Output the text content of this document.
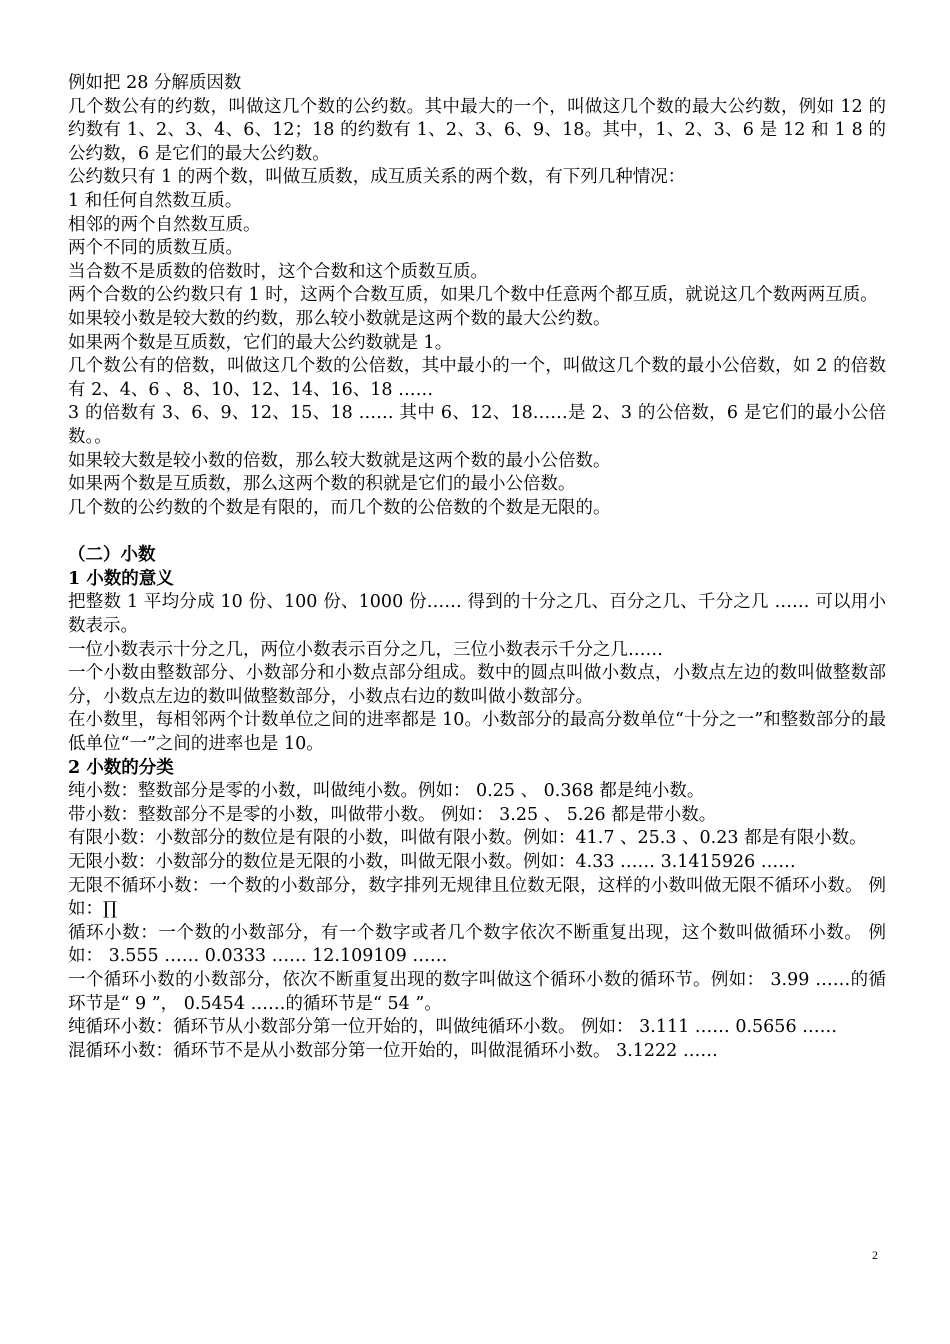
例如把 28 分解质因数

几个数公有的约数，叫做这几个数的公约数。其中最大的一个，叫做这几个数的最大公约数，例如 12 的约数有 1、2、3、4、6、12；18 的约数有 1、2、3、6、9、18。其中，1、2、3、6 是 12 和 1 8 的公约数，6 是它们的最大公约数。

公约数只有 1 的两个数，叫做互质数，成互质关系的两个数，有下列几种情况：

1 和任何自然数互质。

相邻的两个自然数互质。

两个不同的质数互质。

当合数不是质数的倍数时，这个合数和这个质数互质。

两个合数的公约数只有 1 时，这两个合数互质，如果几个数中任意两个都互质，就说这几个数两两互质。

如果较小数是较大数的约数，那么较小数就是这两个数的最大公约数。

如果两个数是互质数，它们的最大公约数就是 1。

几个数公有的倍数，叫做这几个数的公倍数，其中最小的一个，叫做这几个数的最小公倍数，如 2 的倍数有 2、4、6 、8、10、12、14、16、18 ……

3 的倍数有 3、6、9、12、15、18 …… 其中 6、12、18……是 2、3 的公倍数，6 是它们的最小公倍数。。

如果较大数是较小数的倍数，那么较大数就是这两个数的最小公倍数。

如果两个数是互质数，那么这两个数的积就是它们的最小公倍数。

几个数的公约数的个数是有限的，而几个数的公倍数的个数是无限的。

（二）小数

1 小数的意义

把整数 1 平均分成 10 份、100 份、1000 份…… 得到的十分之几、百分之几、千分之几 …… 可以用小数表示。

一位小数表示十分之几，两位小数表示百分之几，三位小数表示千分之几……

一个小数由整数部分、小数部分和小数点部分组成。数中的圆点叫做小数点，小数点左边的数叫做整数部分，小数点左边的数叫做整数部分，小数点右边的数叫做小数部分。

在小数里，每相邻两个计数单位之间的进率都是 10。小数部分的最高分数单位“十分之一”和整数部分的最低单位“一”之间的进率也是 10。

2 小数的分类

纯小数：整数部分是零的小数，叫做纯小数。例如： 0.25 、 0.368 都是纯小数。

带小数：整数部分不是零的小数，叫做带小数。 例如： 3.25 、 5.26 都是带小数。

有限小数：小数部分的数位是有限的小数，叫做有限小数。例如：41.7 、25.3 、0.23 都是有限小数。

无限小数：小数部分的数位是无限的小数，叫做无限小数。例如：4.33 …… 3.1415926 ……

无限不循环小数：一个数的小数部分，数字排列无规律且位数无限，这样的小数叫做无限不循环小数。 例如：∏

循环小数：一个数的小数部分，有一个数字或者几个数字依次不断重复出现，这个数叫做循环小数。 例如： 3.555 …… 0.0333 …… 12.109109 ……

一个循环小数的小数部分，依次不断重复出现的数字叫做这个循环小数的循环节。例如： 3.99 ……的循环节是“ 9 ”， 0.5454 ……的循环节是“ 54 ”。

纯循环小数：循环节从小数部分第一位开始的，叫做纯循环小数。 例如： 3.111 …… 0.5656 ……

混循环小数：循环节不是从小数部分第一位开始的，叫做混循环小数。 3.1222 ……

2
